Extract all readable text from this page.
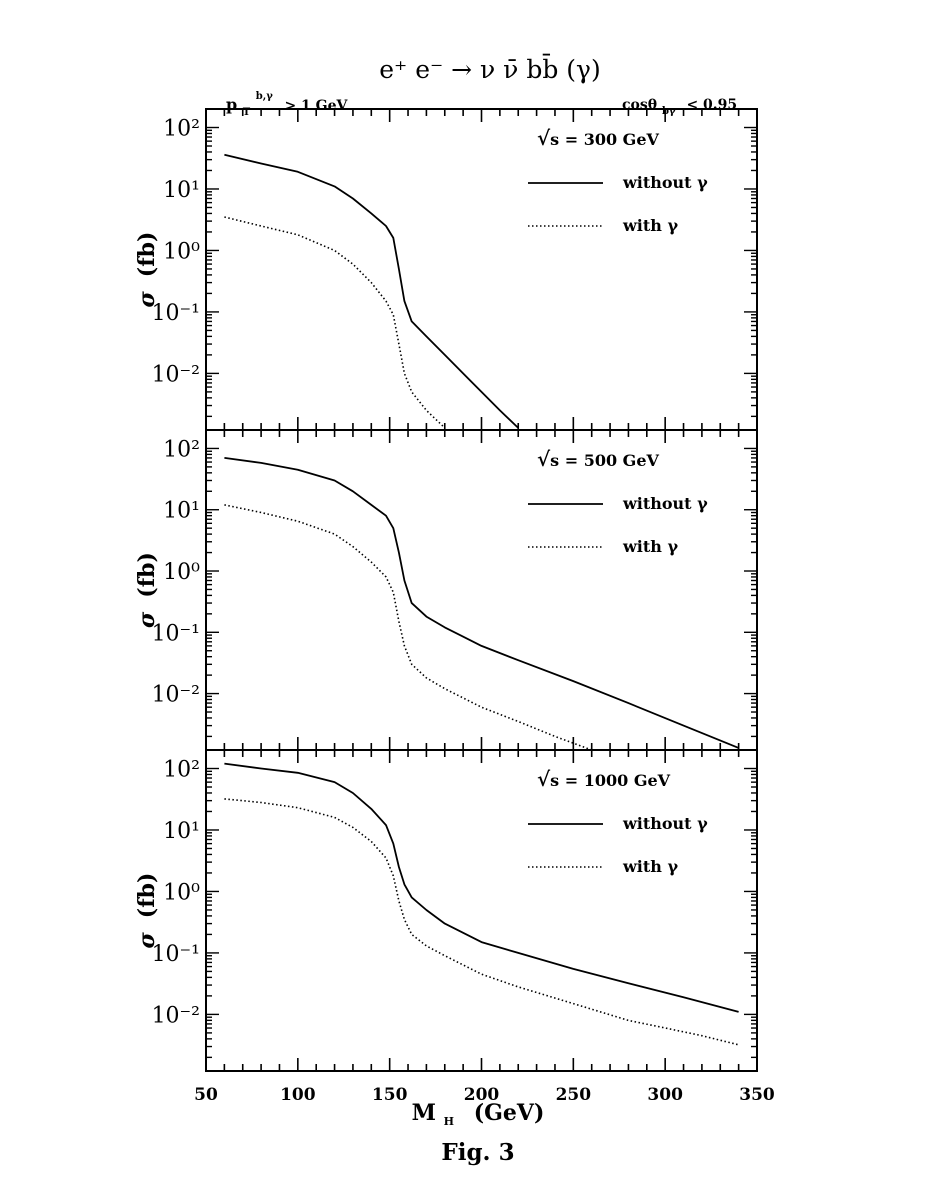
p $_T$ $^{b,\gamma}$ > 1 GeV
e⁺ e⁻ → ν ν̄ bb̄ (γ)
cosθ $_{b\gamma}$ < 0.95
10²
10¹
10⁰
10⁻¹
10⁻²
σ(fb)
√s = 300 GeV
without γ
with γ
10²
10¹
10⁰
10⁻¹
10⁻²
σ(fb)
√s = 500 GeV
without γ
with γ
10²
10¹
10⁰
10⁻¹
10⁻²
σ(fb)
√s = 1000 GeV
without γ
with γ
50	100	150	200	250	300	350
M $_H$ (GeV)
Fig. 3
